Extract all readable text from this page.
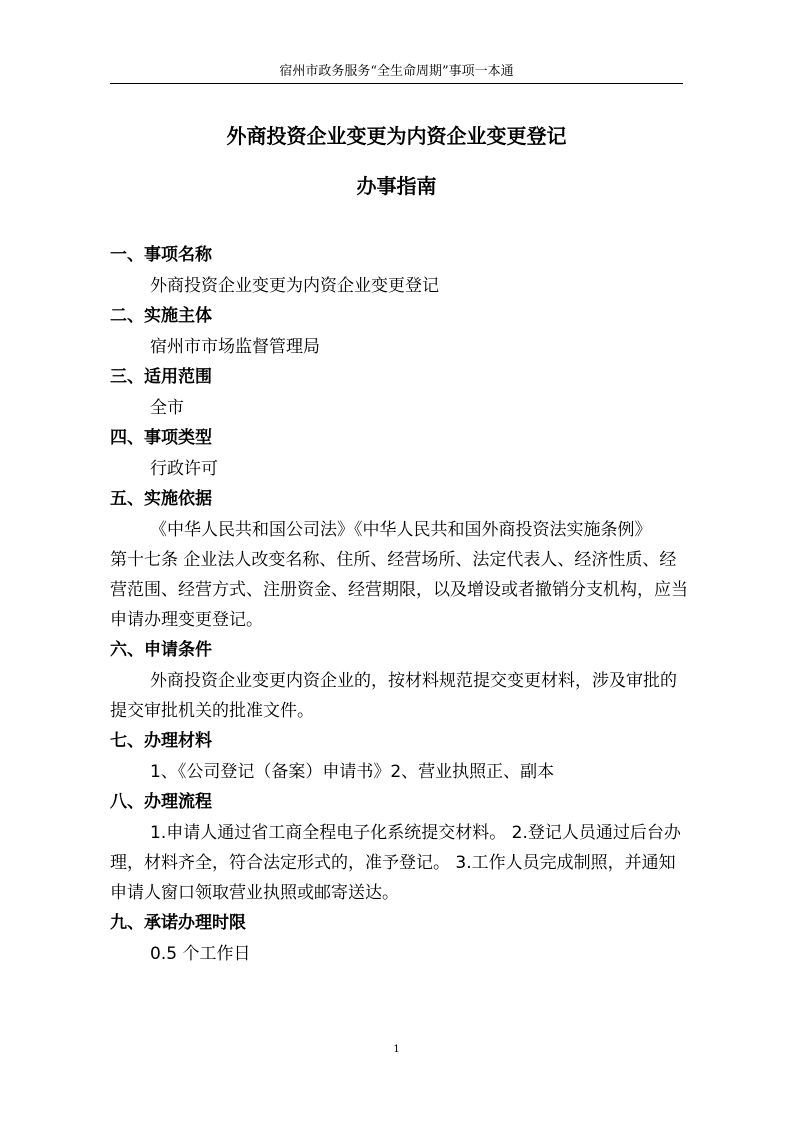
宿州市政务服务“全生命周期”事项一本通
外商投资企业变更为内资企业变更登记
办事指南
一、事项名称

外商投资企业变更为内资企业变更登记

二、实施主体

宿州市市场监督管理局

三、适用范围

全市

四、事项类型

行政许可

五、实施依据

《中华人民共和国公司法》《中华人民共和国外商投资法实施条例》

第十七条 企业法人改变名称、住所、经营场所、法定代表人、经济性质、经营范围、经营方式、注册资金、经营期限，以及增设或者撤销分支机构，应当申请办理变更登记。

六、申请条件

外商投资企业变更内资企业的，按材料规范提交变更材料，涉及审批的提交审批机关的批准文件。

七、办理材料

1、《公司登记（备案）申请书》2、营业执照正、副本

八、办理流程

1.申请人通过省工商全程电子化系统提交材料。 2.登记人员通过后台办理，材料齐全，符合法定形式的，准予登记。 3.工作人员完成制照，并通知申请人窗口领取营业执照或邮寄送达。

九、承诺办理时限

0.5 个工作日

1
